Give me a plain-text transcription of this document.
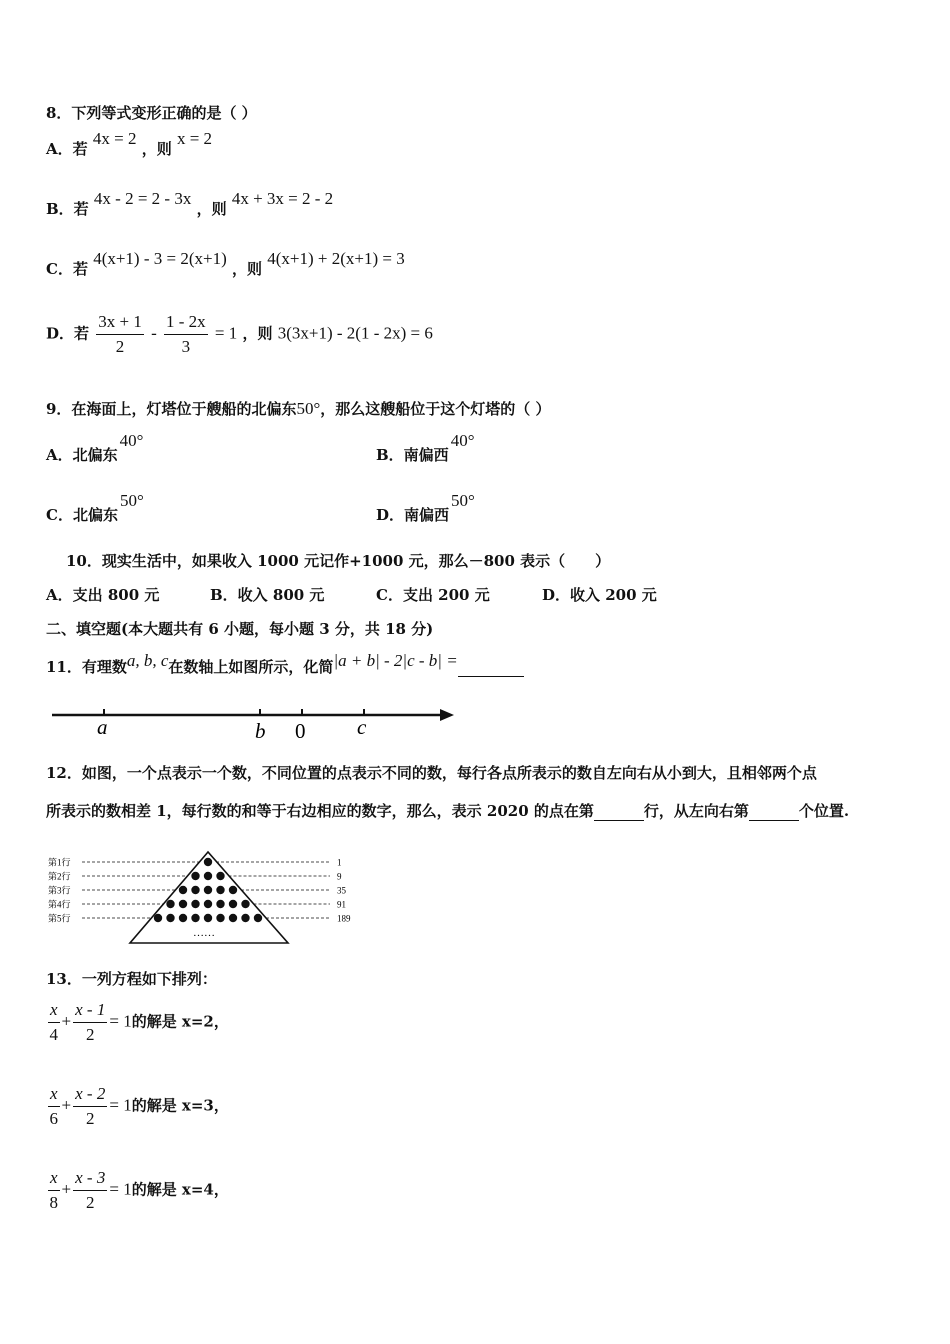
8．下列等式变形正确的是（ ）
A．若 4x = 2 ，则 x = 2
B．若 4x - 2 = 2 - 3x ，则 4x + 3x = 2 - 2
C．若 4(x+1) - 3 = 2(x+1) ，则 4(x+1) + 2(x+1) = 3
D．若 $\frac{3x + 1}{2} - \frac{1 - 2x}{3} = 1$ ，则 3(3x+1) - 2(1 - 2x) = 6
9．在海面上，灯塔位于艘船的北偏东50°，那么这艘船位于这个灯塔的（ ）
A．北偏东40°
B．南偏西40°
C．北偏东50°
D．南偏西50°
10．现实生活中，如果收入 1000 元记作+1000 元，那么－800 表示（　　）
A．支出 800 元	B．收入 800 元	C．支出 200 元	D．收入 200 元
二、填空题(本大题共有 6 小题，每小题 3 分，共 18 分)
11．有理数a, b, c在数轴上如图所示，化简|a + b| - 2|c - b| =
a	b 0 c
12．如图，一个点表示一个数，不同位置的点表示不同的数，每行各点所表示的数自左向右从小到大，且相邻两个点
所表示的数相差 1，每行数的和等于右边相应的数字，那么，表示 2020 的点在第	行，从左向右第	个位置.
第1行	1
第2行	9
第3行	35
第4行	91
第5行	189
……
13．一列方程如下排列：
$\frac{x}{4} + \frac{x - 1}{2} = 1$的解是 x=2，
$\frac{x}{6} + \frac{x - 2}{2} = 1$的解是 x=3，
$\frac{x}{8} + \frac{x - 3}{2} = 1$的解是 x=4，
